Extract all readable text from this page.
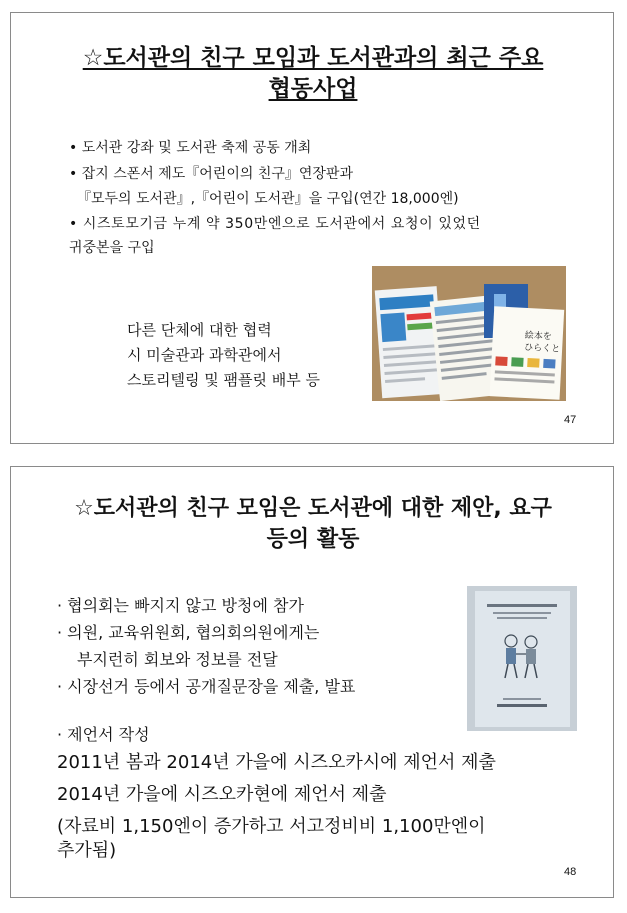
☆도서관의 친구 모임과 도서관과의 최근 주요
협동사업
• 도서관 강좌 및 도서관 축제 공동 개최
• 잡지 스폰서 제도『어린이의 친구』연장판과
『모두의 도서관』,『어린이 도서관』을 구입(연간 18,000엔)
• 시즈토모기금 누계 약 350만엔으로 도서관에서 요청이 있었던
귀중본을 구입
다른 단체에 대한 협력
시 미술관과 과학관에서
스토리텔링 및 팸플릿 배부 등
絵本を
ひらくと
47
☆도서관의 친구 모임은 도서관에 대한 제안, 요구
등의 활동
· 협의회는 빠지지 않고 방청에 참가
· 의원, 교육위원회, 협의회의원에게는
부지런히 회보와 정보를 전달
· 시장선거 등에서 공개질문장을 제출, 발표
· 제언서 작성
2011년 봄과 2014년 가을에 시즈오카시에 제언서 제출
2014년 가을에 시즈오카현에 제언서 제출
(자료비 1,150엔이 증가하고 서고정비비 1,100만엔이
추가됨)
48
